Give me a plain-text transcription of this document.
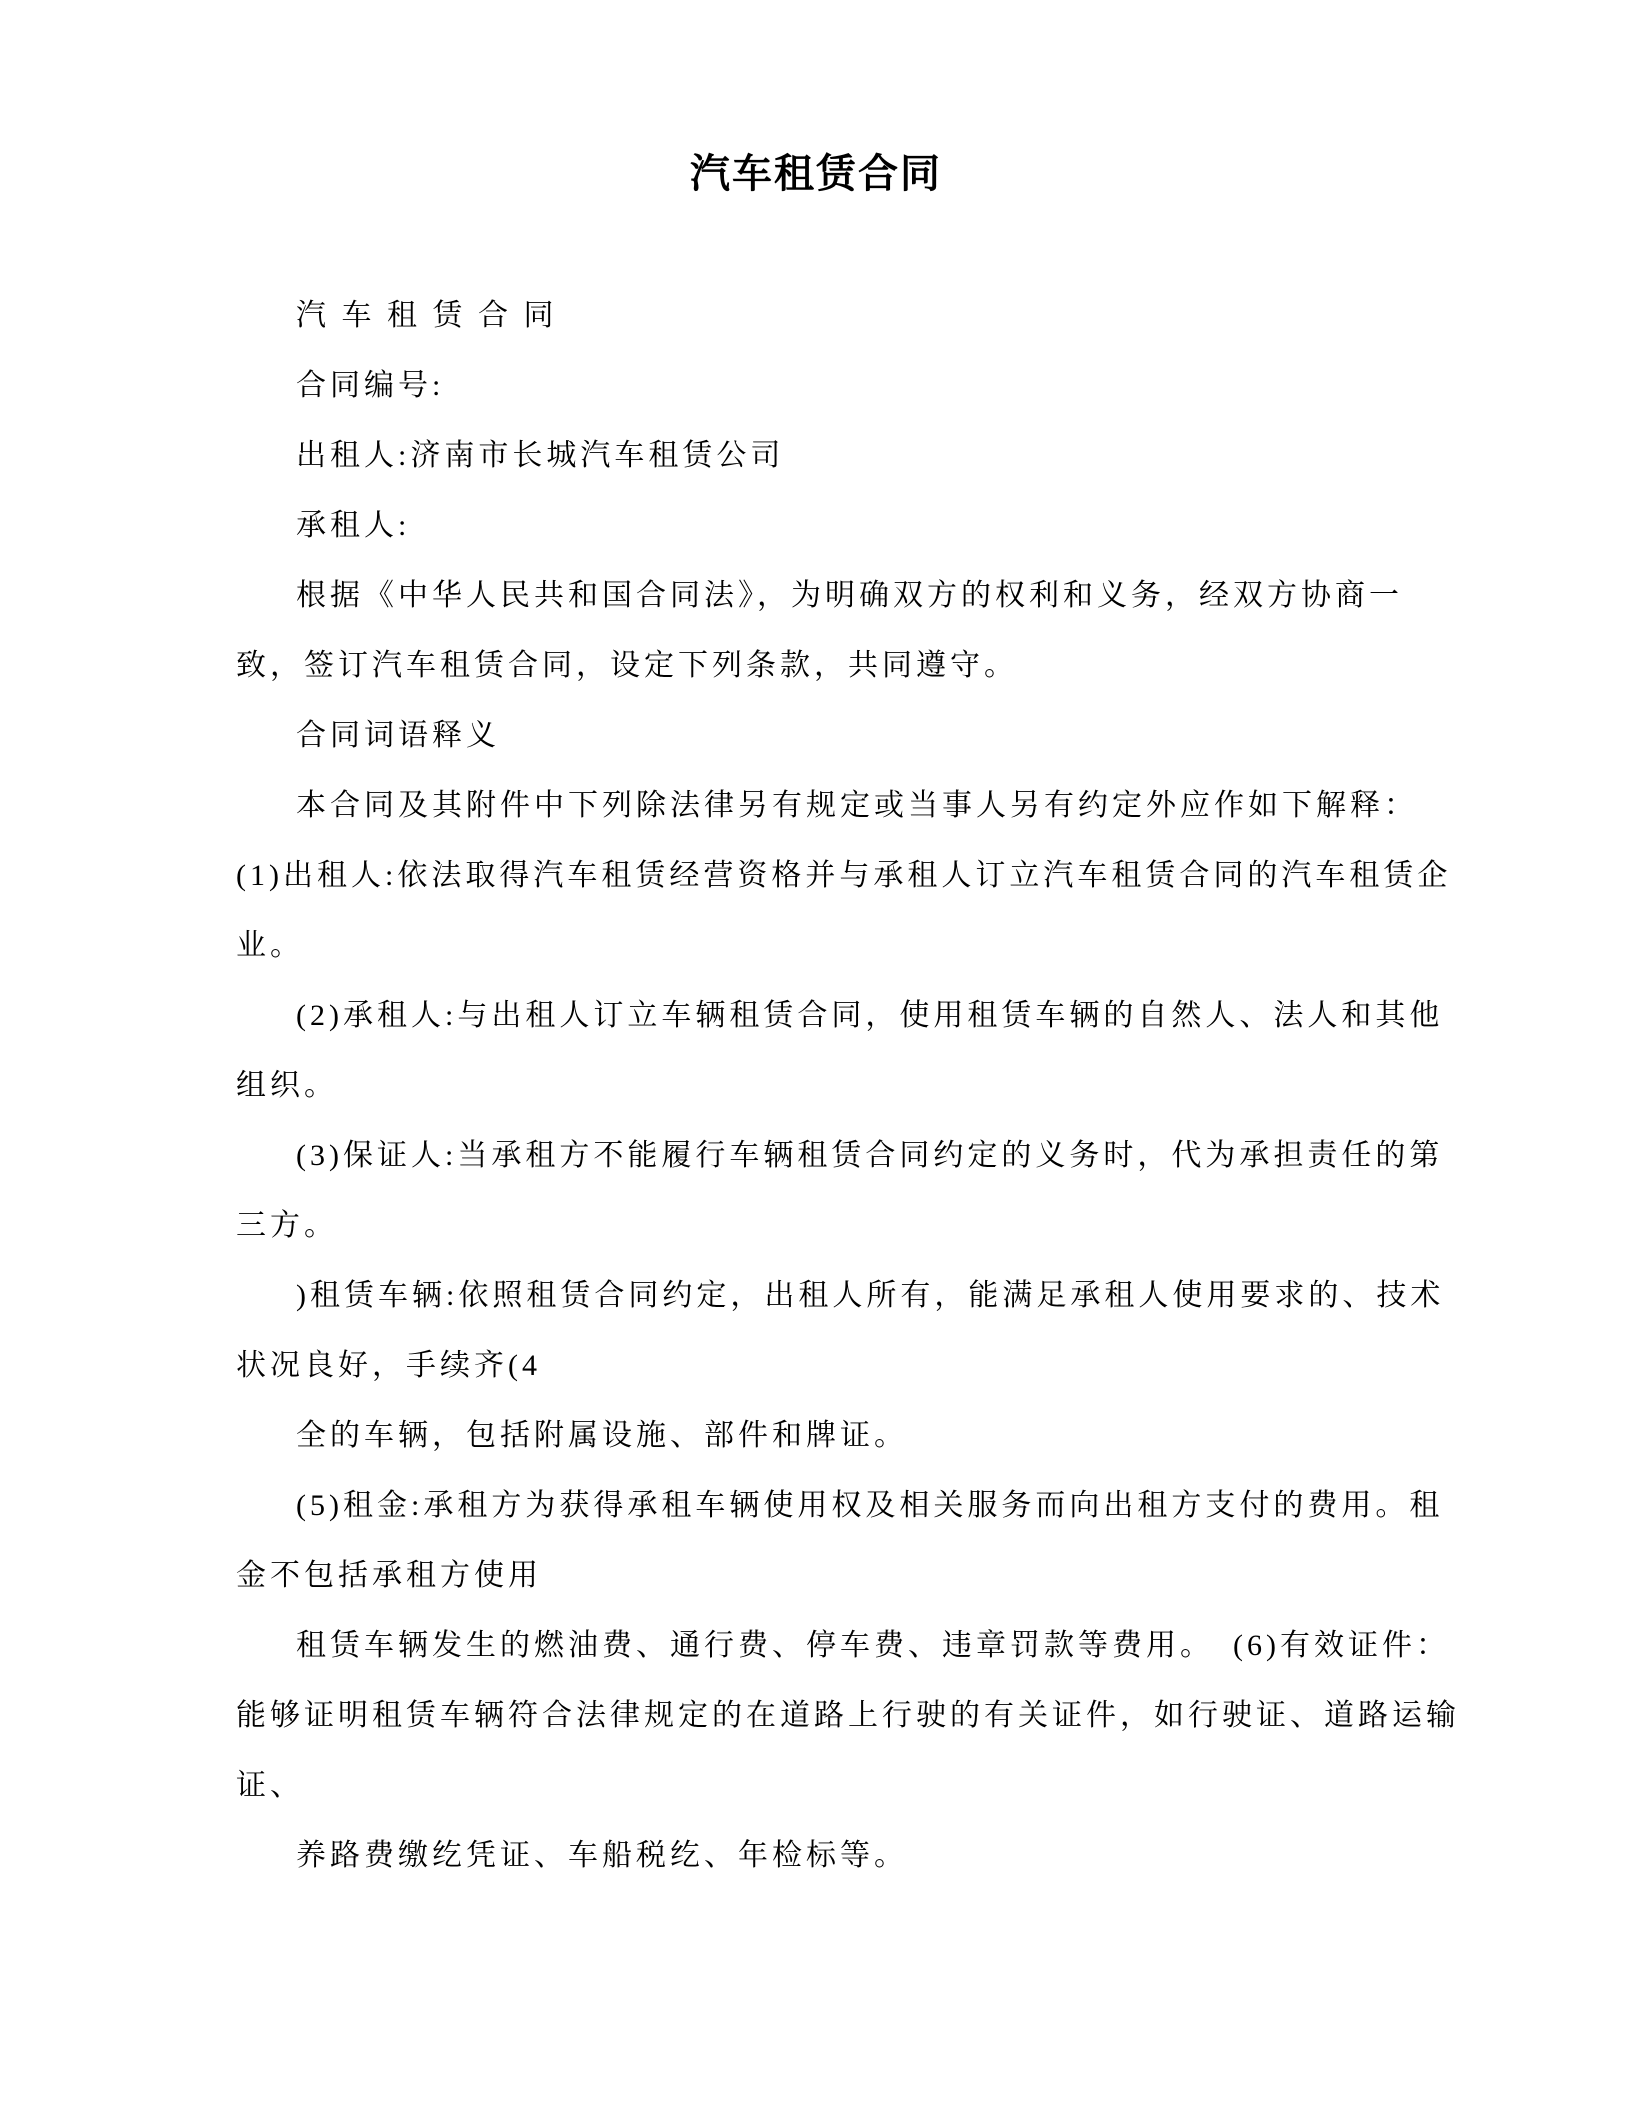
汽车租赁合同
汽 车 租 赁 合 同
合同编号:
出租人:济南市长城汽车租赁公司
承租人:
根据《中华人民共和国合同法》，为明确双方的权利和义务，经双方协商一
致，签订汽车租赁合同，设定下列条款，共同遵守。
合同词语释义
本合同及其附件中下列除法律另有规定或当事人另有约定外应作如下解释：
(1)出租人:依法取得汽车租赁经营资格并与承租人订立汽车租赁合同的汽车租赁企
业。
(2)承租人:与出租人订立车辆租赁合同，使用租赁车辆的自然人、法人和其他
组织。
(3)保证人:当承租方不能履行车辆租赁合同约定的义务时，代为承担责任的第
三方。
)租赁车辆:依照租赁合同约定，出租人所有，能满足承租人使用要求的、技术
状况良好，手续齐(4
全的车辆，包括附属设施、部件和牌证。
(5)租金:承租方为获得承租车辆使用权及相关服务而向出租方支付的费用。租
金不包括承租方使用
租赁车辆发生的燃油费、通行费、停车费、违章罚款等费用。　(6)有效证件：
能够证明租赁车辆符合法律规定的在道路上行驶的有关证件，如行驶证、道路运输
证、
养路费缴纥凭证、车船税纥、年检标等。
